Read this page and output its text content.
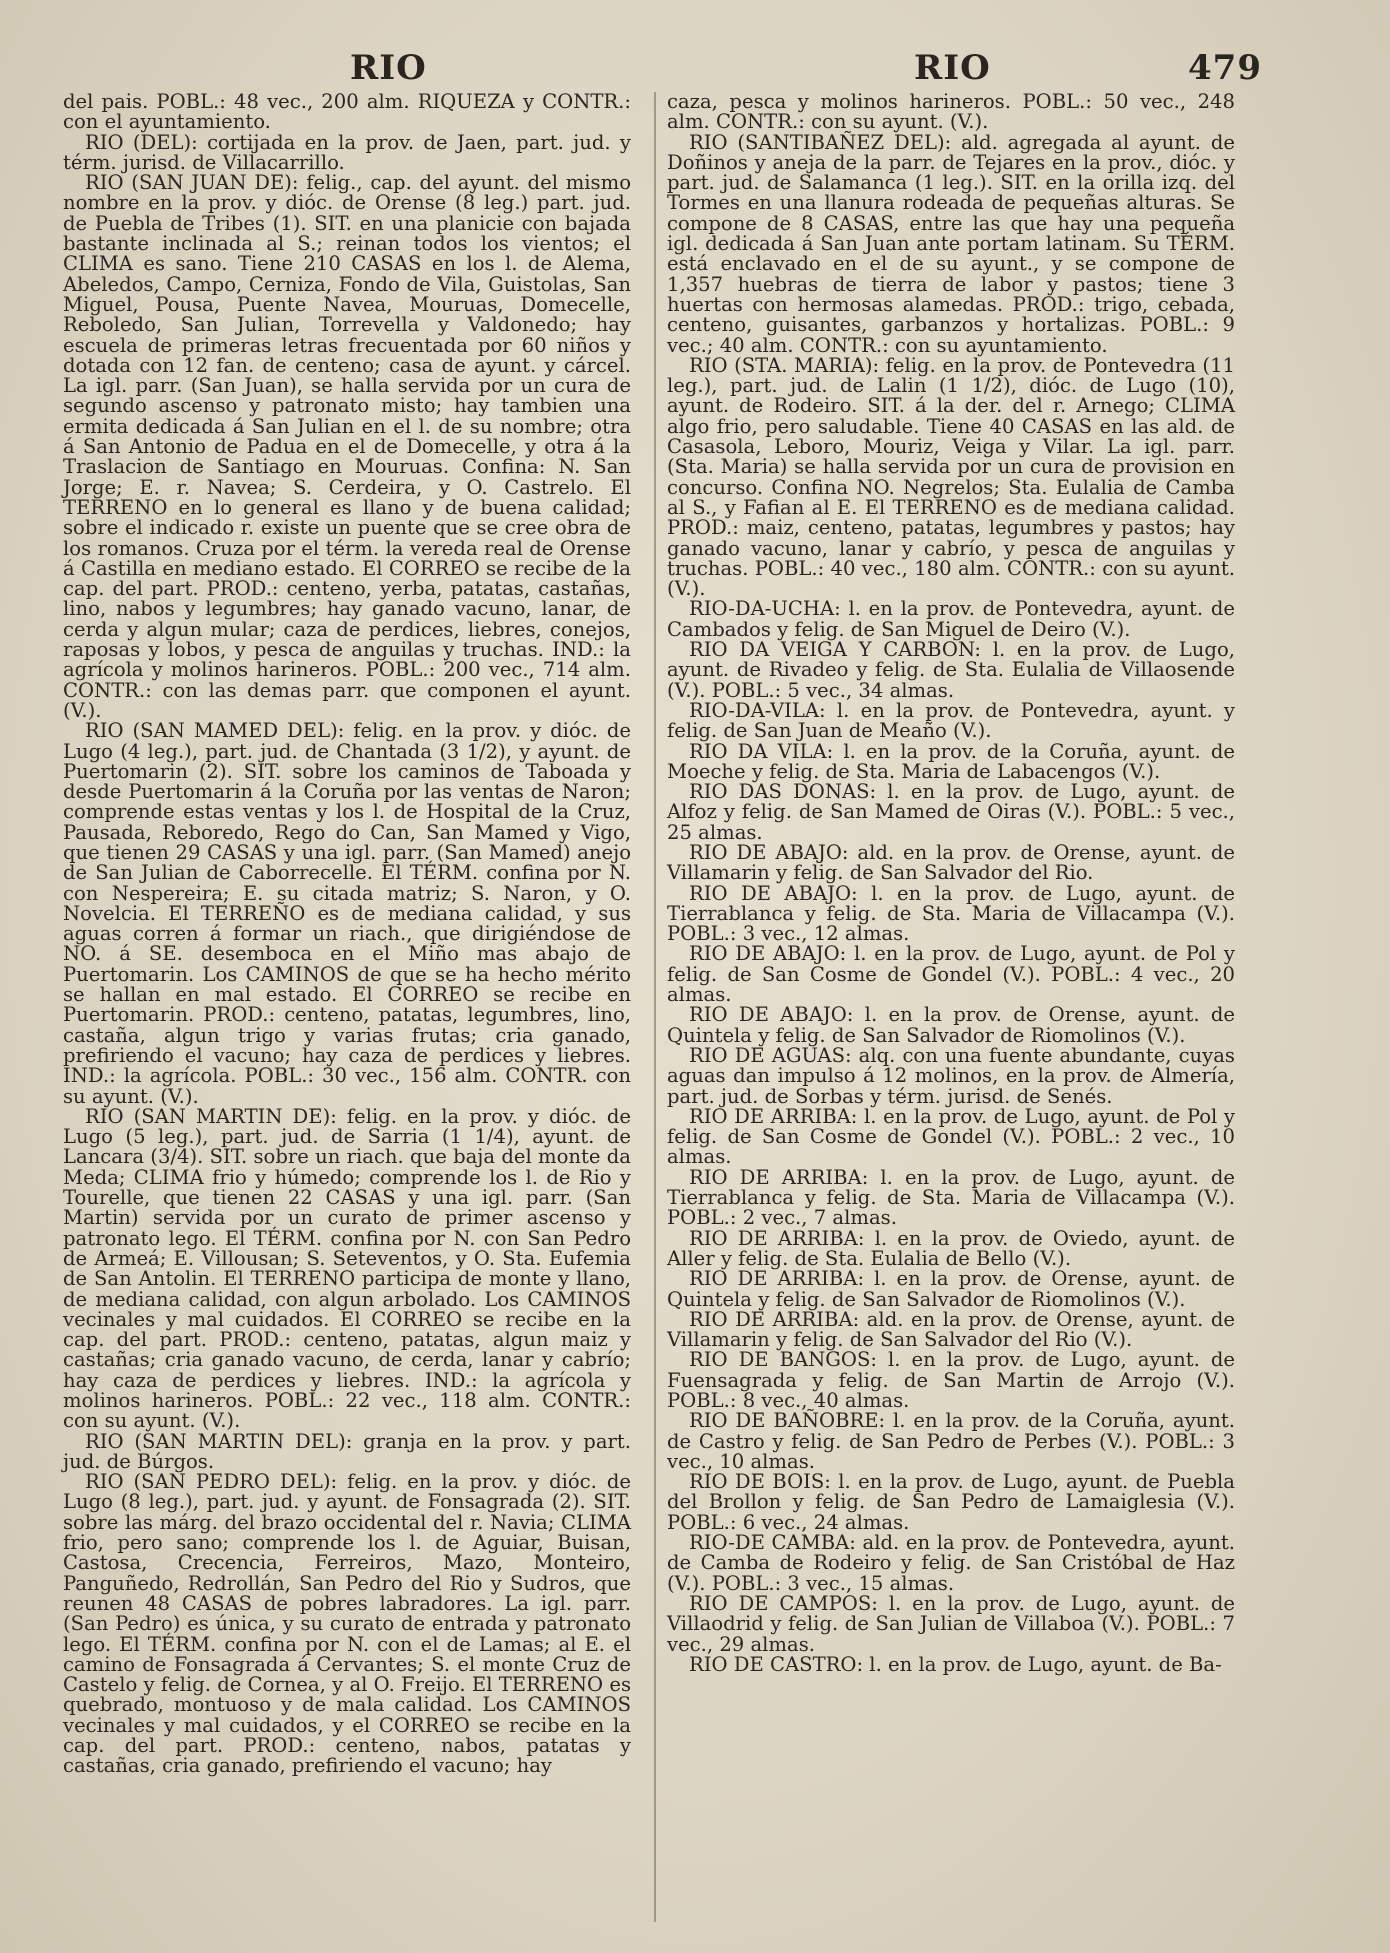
RIO	RIO	479

del pais. POBL.: 48 vec., 200 alm. RIQUEZA y CONTR.: con el ayuntamiento.

RIO (DEL): cortijada en la prov. de Jaen, part. jud. y térm. jurisd. de Villacarrillo.

RIO (SAN JUAN DE): felig., cap. del ayunt. del mismo nombre en la prov. y dióc. de Orense (8 leg.) part. jud. de Puebla de Tribes (1). SIT. en una planicie con bajada bastante inclinada al S.; reinan todos los vientos; el CLIMA es sano. Tiene 210 CASAS en los l. de Alema, Abeledos, Campo, Cerniza, Fondo de Vila, Guistolas, San Miguel, Pousa, Puente Navea, Mouruas, Domecelle, Reboledo, San Julian, Torrevella y Valdonedo; hay escuela de primeras letras frecuentada por 60 niños y dotada con 12 fan. de centeno; casa de ayunt. y cárcel. La igl. parr. (San Juan), se halla servida por un cura de segundo ascenso y patronato misto; hay tambien una ermita dedicada á San Julian en el l. de su nombre; otra á San Antonio de Padua en el de Domecelle, y otra á la Traslacion de Santiago en Mouruas. Confina: N. San Jorge; E. r. Navea; S. Cerdeira, y O. Castrelo. El TERRENO en lo general es llano y de buena calidad; sobre el indicado r. existe un puente que se cree obra de los romanos. Cruza por el térm. la vereda real de Orense á Castilla en mediano estado. El CORREO se recibe de la cap. del part. PROD.: centeno, yerba, patatas, castañas, lino, nabos y legumbres; hay ganado vacuno, lanar, de cerda y algun mular; caza de perdices, liebres, conejos, raposas y lobos, y pesca de anguilas y truchas. IND.: la agrícola y molinos harineros. POBL.: 200 vec., 714 alm. CONTR.: con las demas parr. que componen el ayunt. (V.).

RIO (SAN MAMED DEL): felig. en la prov. y dióc. de Lugo (4 leg.), part. jud. de Chantada (3 1/2), y ayunt. de Puertomarin (2). SIT. sobre los caminos de Taboada y desde Puertomarin á la Coruña por las ventas de Naron; comprende estas ventas y los l. de Hospital de la Cruz, Pausada, Reboredo, Rego do Can, San Mamed y Vigo, que tienen 29 CASAS y una igl. parr. (San Mamed) anejo de San Julian de Caborrecelle. El TÉRM. confina por N. con Nespereira; E. su citada matriz; S. Naron, y O. Novelcia. El TERREÑO es de mediana calidad, y sus aguas corren á formar un riach., que dirigiéndose de NO. á SE. desemboca en el Miño mas abajo de Puertomarin. Los CAMINOS de que se ha hecho mérito se hallan en mal estado. El CORREO se recibe en Puertomarin. PROD.: centeno, patatas, legumbres, lino, castaña, algun trigo y varias frutas; cria ganado, prefiriendo el vacuno; hay caza de perdices y liebres. IND.: la agrícola. POBL.: 30 vec., 156 alm. CONTR. con su ayunt. (V.).

RIO (SAN MARTIN DE): felig. en la prov. y dióc. de Lugo (5 leg.), part. jud. de Sarria (1 1/4), ayunt. de Lancara (3/4). SIT. sobre un riach. que baja del monte da Meda; CLIMA frio y húmedo; comprende los l. de Rio y Tourelle, que tienen 22 CASAS y una igl. parr. (San Martin) servida por un curato de primer ascenso y patronato lego. El TÉRM. confina por N. con San Pedro de Armeá; E. Villousan; S. Seteventos, y O. Sta. Eufemia de San Antolin. El TERRENO participa de monte y llano, de mediana calidad, con algun arbolado. Los CAMINOS vecinales y mal cuidados. El CORREO se recibe en la cap. del part. PROD.: centeno, patatas, algun maiz y castañas; cria ganado vacuno, de cerda, lanar y cabrío; hay caza de perdices y liebres. IND.: la agrícola y molinos harineros. POBL.: 22 vec., 118 alm. CONTR.: con su ayunt. (V.).

RIO (SAN MARTIN DEL): granja en la prov. y part. jud. de Búrgos.

RIO (SAN PEDRO DEL): felig. en la prov. y dióc. de Lugo (8 leg.), part. jud. y ayunt. de Fonsagrada (2). SIT. sobre las márg. del brazo occidental del r. Navia; CLIMA frio, pero sano; comprende los l. de Aguiar, Buisan, Castosa, Crecencia, Ferreiros, Mazo, Monteiro, Panguñedo, Redrollán, San Pedro del Rio y Sudros, que reunen 48 CASAS de pobres labradores. La igl. parr. (San Pedro) es única, y su curato de entrada y patronato lego. El TÉRM. confina por N. con el de Lamas; al E. el camino de Fonsagrada á Cervantes; S. el monte Cruz de Castelo y felig. de Cornea, y al O. Freijo. El TERRENO es quebrado, montuoso y de mala calidad. Los CAMINOS vecinales y mal cuidados, y el CORREO se recibe en la cap. del part. PROD.: centeno, nabos, patatas y castañas, cria ganado, prefiriendo el vacuno; hay

caza, pesca y molinos harineros. POBL.: 50 vec., 248 alm. CONTR.: con su ayunt. (V.).

RIO (SANTIBAÑEZ DEL): ald. agregada al ayunt. de Doñinos y aneja de la parr. de Tejares en la prov., dióc. y part. jud. de Salamanca (1 leg.). SIT. en la orilla izq. del Tormes en una llanura rodeada de pequeñas alturas. Se compone de 8 CASAS, entre las que hay una pequeña igl. dedicada á San Juan ante portam latinam. Su TÉRM. está enclavado en el de su ayunt., y se compone de 1,357 huebras de tierra de labor y pastos; tiene 3 huertas con hermosas alamedas. PROD.: trigo, cebada, centeno, guisantes, garbanzos y hortalizas. POBL.: 9 vec.; 40 alm. CONTR.: con su ayuntamiento.

RIO (STA. MARIA): felig. en la prov. de Pontevedra (11 leg.), part. jud. de Lalin (1 1/2), dióc. de Lugo (10), ayunt. de Rodeiro. SIT. á la der. del r. Arnego; CLIMA algo frio, pero saludable. Tiene 40 CASAS en las ald. de Casasola, Leboro, Mouriz, Veiga y Vilar. La igl. parr. (Sta. Maria) se halla servida por un cura de provision en concurso. Confina NO. Negrelos; Sta. Eulalia de Camba al S., y Fafian al E. El TERRENO es de mediana calidad. PROD.: maiz, centeno, patatas, legumbres y pastos; hay ganado vacuno, lanar y cabrío, y pesca de anguilas y truchas. POBL.: 40 vec., 180 alm. CONTR.: con su ayunt. (V.).

RIO-DA-UCHA: l. en la prov. de Pontevedra, ayunt. de Cambados y felig. de San Miguel de Deiro (V.).

RIO DA VEIGA Y CARBON: l. en la prov. de Lugo, ayunt. de Rivadeo y felig. de Sta. Eulalia de Villaosende (V.). POBL.: 5 vec., 34 almas.

RIO-DA-VILA: l. en la prov. de Pontevedra, ayunt. y felig. de San Juan de Meaño (V.).

RIO DA VILA: l. en la prov. de la Coruña, ayunt. de Moeche y felig. de Sta. Maria de Labacengos (V.).

RIO DAS DONAS: l. en la prov. de Lugo, ayunt. de Alfoz y felig. de San Mamed de Oiras (V.). POBL.: 5 vec., 25 almas.

RIO DE ABAJO: ald. en la prov. de Orense, ayunt. de Villamarin y felig. de San Salvador del Rio.

RIO DE ABAJO: l. en la prov. de Lugo, ayunt. de Tierrablanca y felig. de Sta. Maria de Villacampa (V.). POBL.: 3 vec., 12 almas.

RIO DE ABAJO: l. en la prov. de Lugo, ayunt. de Pol y felig. de San Cosme de Gondel (V.). POBL.: 4 vec., 20 almas.

RIO DE ABAJO: l. en la prov. de Orense, ayunt. de Quintela y felig. de San Salvador de Riomolinos (V.).

RIO DE AGUAS: alq. con una fuente abundante, cuyas aguas dan impulso á 12 molinos, en la prov. de Almería, part. jud. de Sorbas y térm. jurisd. de Senés.

RIO DE ARRIBA: l. en la prov. de Lugo, ayunt. de Pol y felig. de San Cosme de Gondel (V.). POBL.: 2 vec., 10 almas.

RIO DE ARRIBA: l. en la prov. de Lugo, ayunt. de Tierrablanca y felig. de Sta. Maria de Villacampa (V.). POBL.: 2 vec., 7 almas.

RIO DE ARRIBA: l. en la prov. de Oviedo, ayunt. de Aller y felig. de Sta. Eulalia de Bello (V.).

RIO DE ARRIBA: l. en la prov. de Orense, ayunt. de Quintela y felig. de San Salvador de Riomolinos (V.).

RIO DE ARRIBA: ald. en la prov. de Orense, ayunt. de Villamarin y felig. de San Salvador del Rio (V.).

RIO DE BANGOS: l. en la prov. de Lugo, ayunt. de Fuensagrada y felig. de San Martin de Arrojo (V.). POBL.: 8 vec., 40 almas.

RIO DE BAÑOBRE: l. en la prov. de la Coruña, ayunt. de Castro y felig. de San Pedro de Perbes (V.). POBL.: 3 vec., 10 almas.

RIO DE BOIS: l. en la prov. de Lugo, ayunt. de Puebla del Brollon y felig. de San Pedro de Lamaiglesia (V.). POBL.: 6 vec., 24 almas.

RIO-DE CAMBA: ald. en la prov. de Pontevedra, ayunt. de Camba de Rodeiro y felig. de San Cristóbal de Haz (V.). POBL.: 3 vec., 15 almas.

RIO DE CAMPOS: l. en la prov. de Lugo, ayunt. de Villaodrid y felig. de San Julian de Villaboa (V.). POBL.: 7 vec., 29 almas.

RIO DE CASTRO: l. en la prov. de Lugo, ayunt. de Ba-
